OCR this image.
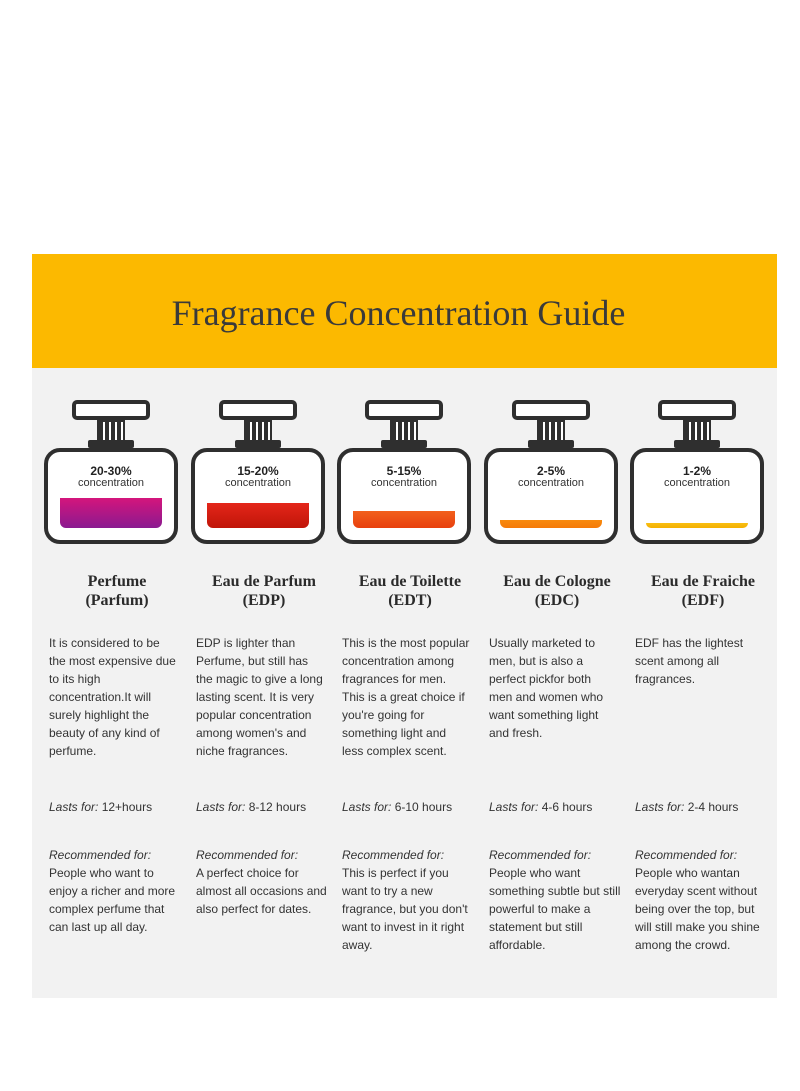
Fragrance Concentration Guide
20-30%
concentration
Perfume
(Parfum)
It is considered to be the most expensive due to its high concentration.It will surely highlight the beauty of any kind of perfume.
Lasts for: 12+hours
Recommended for:
People who want to enjoy a richer and more complex perfume that can last up all day.
15-20%
concentration
Eau de Parfum
(EDP)
EDP is lighter than Perfume, but still has the magic to give a long lasting scent. It is very popular concentration among women's and niche fragrances.
Lasts for: 8-12 hours
Recommended for:
A perfect choice for almost all occasions and also perfect for dates.
5-15%
concentration
Eau de Toilette
(EDT)
This is the most popular concentration among fragrances for men. This is a great choice if you're going for something light and less complex scent.
Lasts for: 6-10 hours
Recommended for:
This is perfect if you want to try a new fragrance, but you don't want to invest in it right away.
2-5%
concentration
Eau de Cologne
(EDC)
Usually marketed to men, but is also a perfect pickfor both men and women who want something light and fresh.
Lasts for: 4-6 hours
Recommended for:
People who want something subtle but still powerful to make a statement but still affordable.
1-2%
concentration
Eau de Fraiche
(EDF)
EDF has the lightest scent among all fragrances.
Lasts for: 2-4 hours
Recommended for:
People who wantan everyday scent without being over the top, but will still make you shine among the crowd.
